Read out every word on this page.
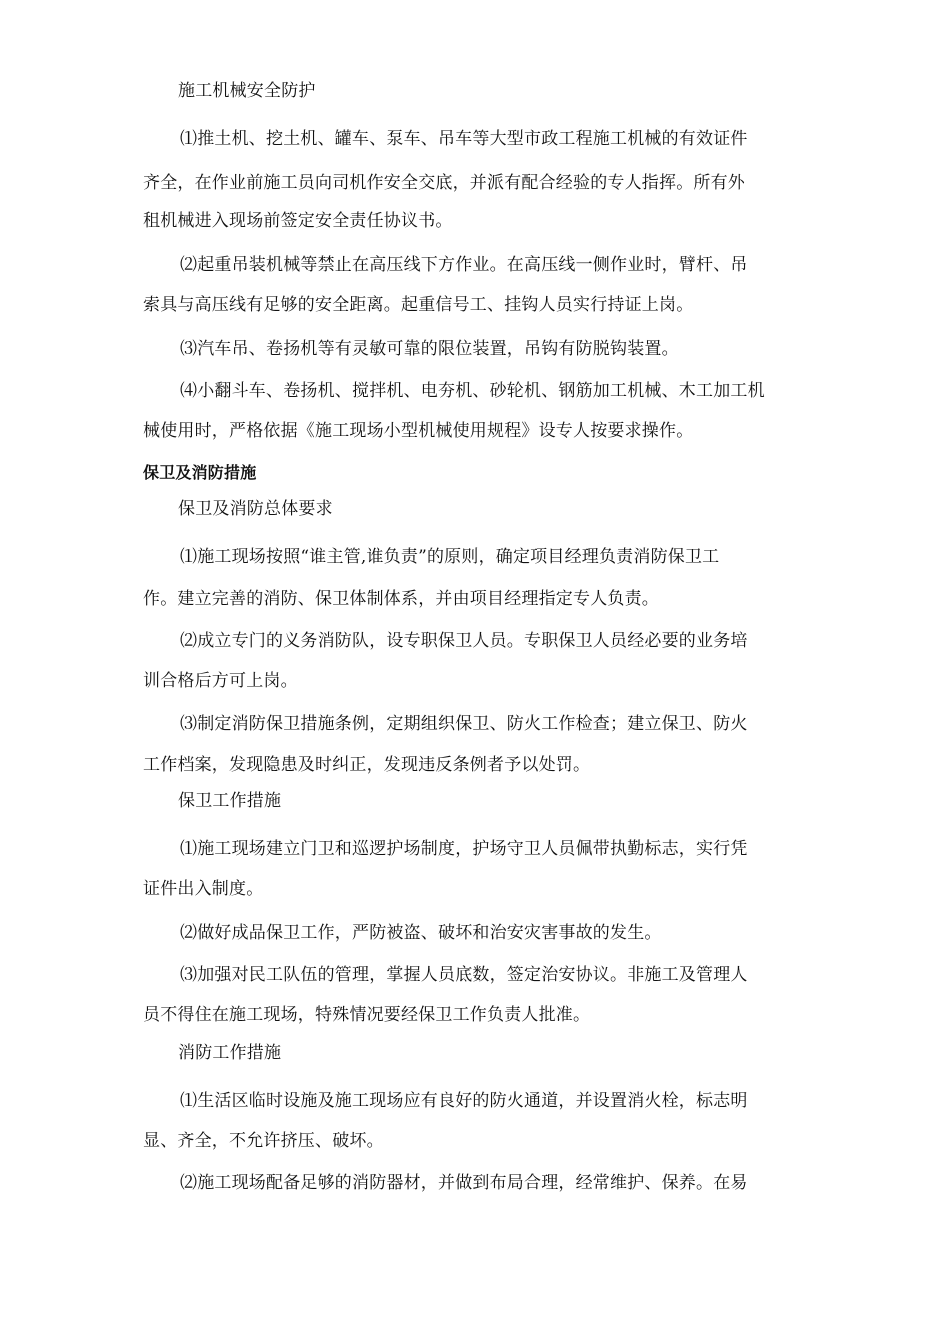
施工机械安全防护
⑴推土机、挖土机、罐车、泵车、吊车等大型市政工程施工机械的有效证件
齐全，在作业前施工员向司机作安全交底，并派有配合经验的专人指挥。所有外
租机械进入现场前签定安全责任协议书。
⑵起重吊装机械等禁止在高压线下方作业。在高压线一侧作业时，臂杆、吊
索具与高压线有足够的安全距离。起重信号工、挂钩人员实行持证上岗。
⑶汽车吊、卷扬机等有灵敏可靠的限位装置，吊钩有防脱钩装置。
⑷小翻斗车、卷扬机、搅拌机、电夯机、砂轮机、钢筋加工机械、木工加工机
械使用时，严格依据《施工现场小型机械使用规程》设专人按要求操作。
保卫及消防措施
保卫及消防总体要求
⑴施工现场按照“谁主管,谁负责”的原则，确定项目经理负责消防保卫工
作。建立完善的消防、保卫体制体系，并由项目经理指定专人负责。
⑵成立专门的义务消防队，设专职保卫人员。专职保卫人员经必要的业务培
训合格后方可上岗。
⑶制定消防保卫措施条例，定期组织保卫、防火工作检查；建立保卫、防火
工作档案，发现隐患及时纠正，发现违反条例者予以处罚。
保卫工作措施
⑴施工现场建立门卫和巡逻护场制度，护场守卫人员佩带执勤标志，实行凭
证件出入制度。
⑵做好成品保卫工作，严防被盗、破坏和治安灾害事故的发生。
⑶加强对民工队伍的管理，掌握人员底数，签定治安协议。非施工及管理人
员不得住在施工现场，特殊情况要经保卫工作负责人批准。
消防工作措施
⑴生活区临时设施及施工现场应有良好的防火通道，并设置消火栓，标志明
显、齐全，不允许挤压、破坏。
⑵施工现场配备足够的消防器材，并做到布局合理，经常维护、保养。在易
